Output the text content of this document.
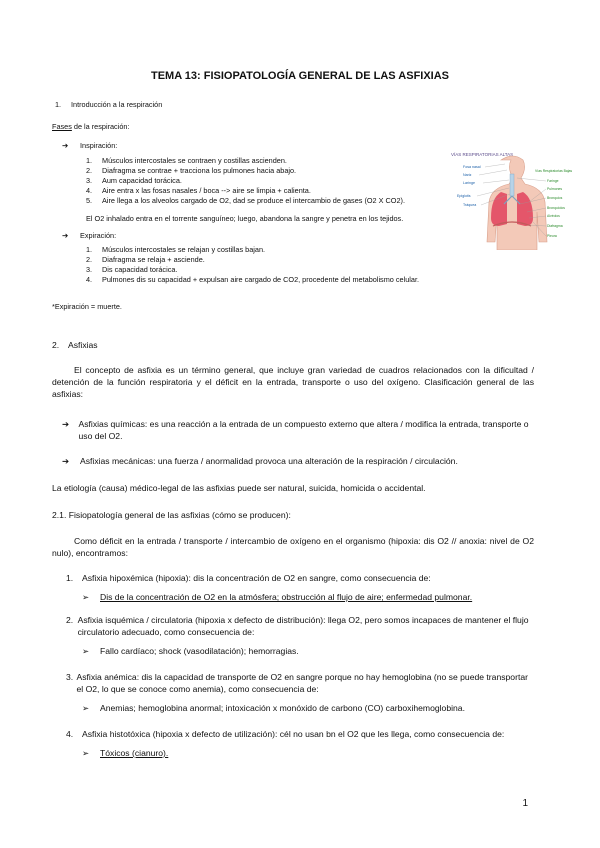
TEMA 13: FISIOPATOLOGÍA GENERAL DE LAS ASFIXIAS
1. Introducción a la respiración
Fases de la respiración:
➔ Inspiración:
1. Músculos intercostales se contraen y costillas ascienden.
2. Diafragma se contrae + tracciona los pulmones hacia abajo.
3. Aum capacidad torácica.
4. Aire entra x las fosas nasales / boca --> aire se limpia + calienta.
5. Aire llega a los alveolos cargado de O2, dad se produce el intercambio de gases (O2 X CO2).
El O2 inhalado entra en el torrente sanguíneo; luego, abandona la sangre y penetra en los tejidos.
➔ Expiración:
1. Músculos intercostales se relajan y costillas bajan.
2. Diafragma se relaja + asciende.
3. Dis capacidad torácica.
4. Pulmones dis su capacidad + expulsan aire cargado de CO2, procedente del metabolismo celular.
*Expiración = muerte.
VÍAS RESPIRATORIAS ALTAS
Fosa nasal
Nariz
Laringe
Epiglotis
Tráquea
Vías Respiratorias Bajas
Faringe
Pulmones
Bronquios
Bronquiolos
Alvéolos
Diafragma
Pleura
2. Asfixias
El concepto de asfixia es un término general, que incluye gran variedad de cuadros relacionados con la dificultad / detención de la función respiratoria y el déficit en la entrada, transporte o uso del oxígeno. Clasificación general de las asfixias:
➔	Asfixias químicas: es una reacción a la entrada de un compuesto externo que altera / modifica la entrada, transporte o uso del O2.
➔	Asfixias mecánicas: una fuerza / anormalidad provoca una alteración de la respiración / circulación.
La etiología (causa) médico-legal de las asfixias puede ser natural, suicida, homicida o accidental.
2.1. Fisiopatología general de las asfixias (cómo se producen):
Como déficit en la entrada / transporte / intercambio de oxígeno en el organismo (hipoxia: dis O2 // anoxia: nivel de O2 nulo), encontramos:
1.	Asfixia hipoxémica (hipoxia): dis la concentración de O2 en sangre, como consecuencia de:
➢	Dis de la concentración de O2 en la atmósfera; obstrucción al flujo de aire; enfermedad pulmonar.
2. Asfixia isquémica / circulatoria (hipoxia x defecto de distribución): llega O2, pero somos incapaces de mantener el flujo circulatorio adecuado, como consecuencia de:
➢	Fallo cardíaco; shock (vasodilatación); hemorragias.
3. Asfixia anémica: dis la capacidad de transporte de O2 en sangre porque no hay hemoglobina (no se puede transportar el O2, lo que se conoce como anemia), como consecuencia de:
➢	Anemias; hemoglobina anormal; intoxicación x monóxido de carbono (CO) carboxihemoglobina.
4.	Asfixia histotóxica (hipoxia x defecto de utilización): cél no usan bn el O2 que les llega, como consecuencia de:
➢	Tóxicos (cianuro).
1
